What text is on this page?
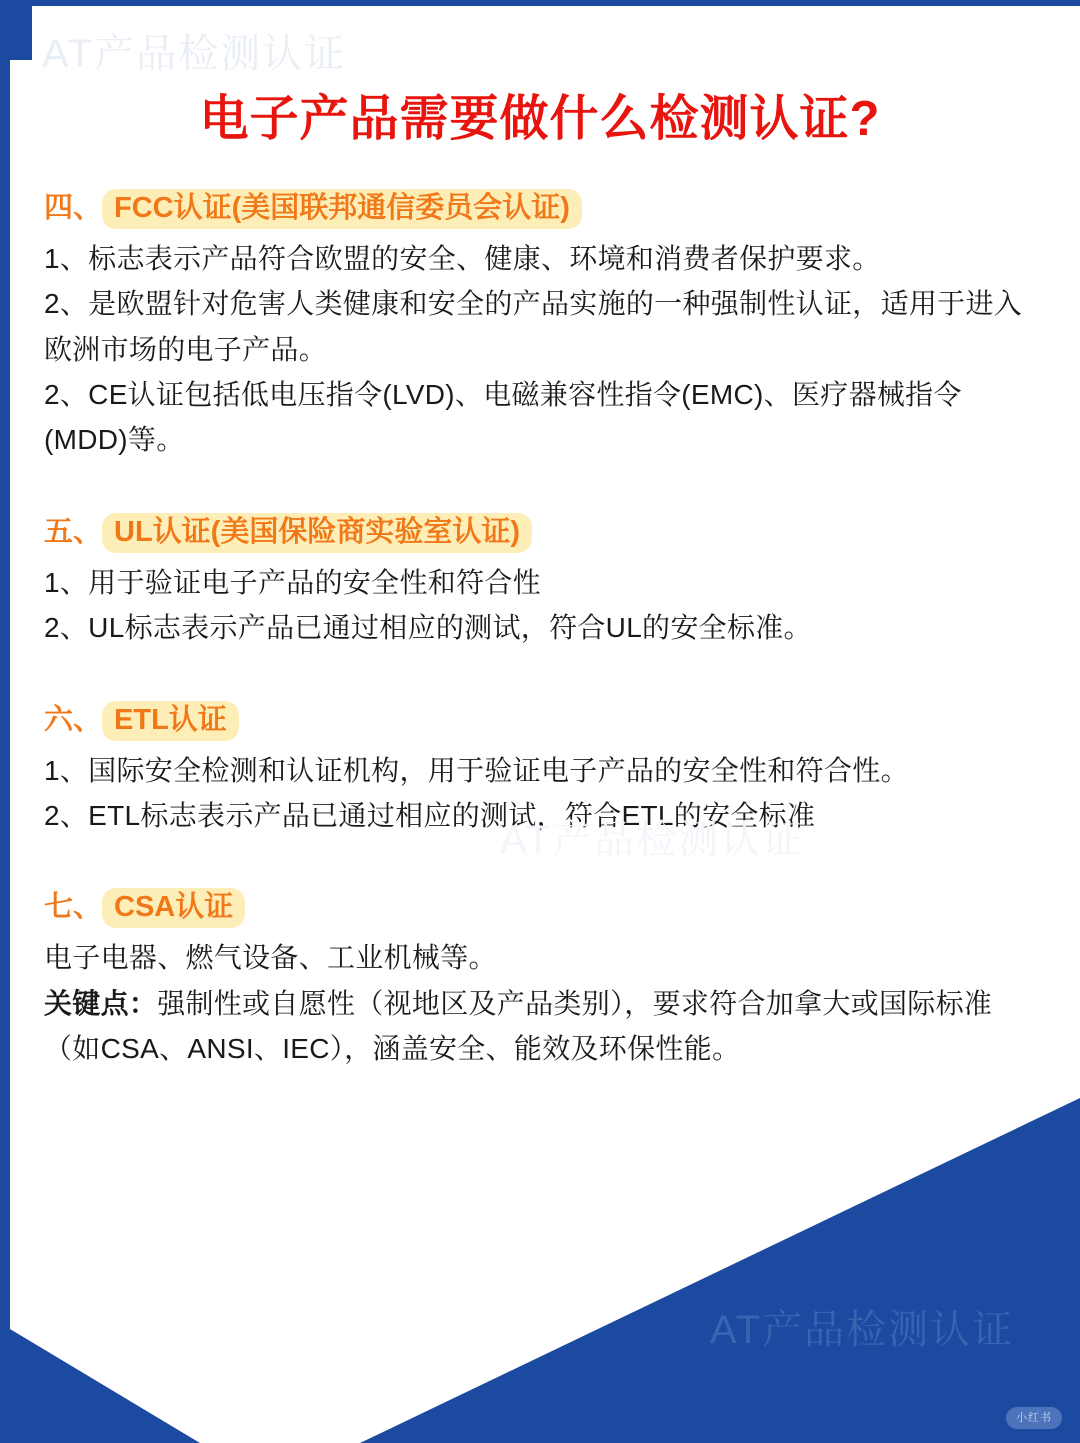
AT产品检测认证
电子产品需要做什么检测认证?
四、 FCC认证(美国联邦通信委员会认证)
1、标志表示产品符合欧盟的安全、健康、环境和消费者保护要求。
2、是欧盟针对危害人类健康和安全的产品实施的一种强制性认证，适用于进入欧洲市场的电子产品。
2、CE认证包括低电压指令(LVD)、电磁兼容性指令(EMC)、医疗器械指令(MDD)等。
五、 UL认证(美国保险商实验室认证)
1、用于验证电子产品的安全性和符合性
2、UL标志表示产品已通过相应的测试，符合UL的安全标准。
六、 ETL认证
1、国际安全检测和认证机构，用于验证电子产品的安全性和符合性。
2、ETL标志表示产品已通过相应的测试，符合ETL的安全标准
七、 CSA认证
电子电器、燃气设备、工业机械等。
关键点：强制性或自愿性（视地区及产品类别），要求符合加拿大或国际标准（如CSA、ANSI、IEC），涵盖安全、能效及环保性能。
AT产品检测认证
AT产品检测认证
小红书
